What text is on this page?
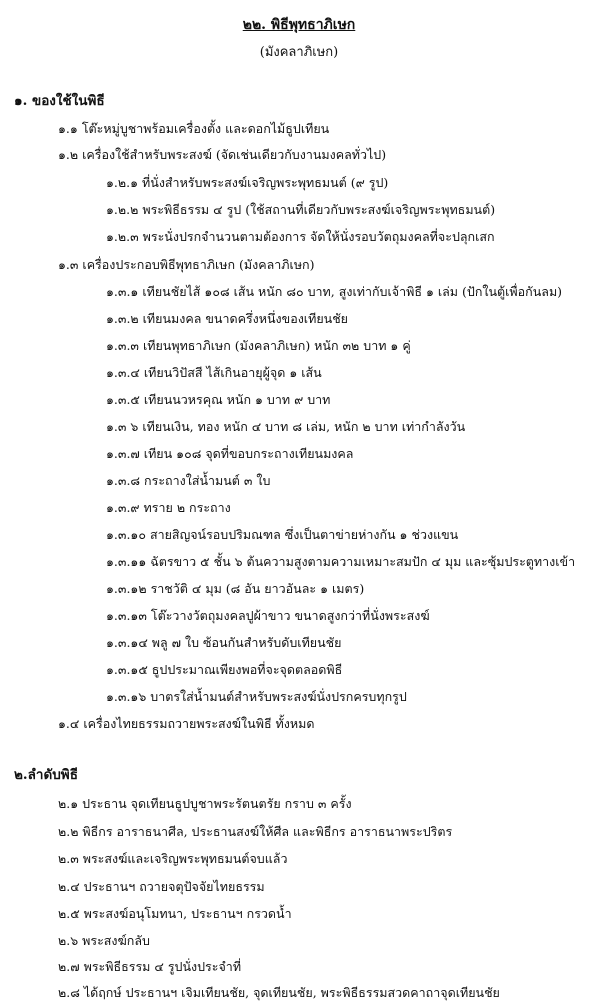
๒๒. พิธีพุทธาภิเษก
(มังคลาภิเษก)
๑. ของใช้ในพิธี
๑.๑ โต๊ะหมู่บูชาพร้อมเครื่องตั้ง และดอกไม้ธูปเทียน
๑.๒ เครื่องใช้สำหรับพระสงฆ์ (จัดเช่นเดียวกับงานมงคลทั่วไป)
๑.๒.๑ ที่นั่งสำหรับพระสงฆ์เจริญพระพุทธมนต์ (๙ รูป)
๑.๒.๒ พระพิธีธรรม ๔ รูป (ใช้สถานที่เดียวกับพระสงฆ์เจริญพระพุทธมนต์)
๑.๒.๓ พระนั่งปรกจำนวนตามต้องการ จัดให้นั่งรอบวัตถุมงคลที่จะปลุกเสก
๑.๓ เครื่องประกอบพิธีพุทธาภิเษก (มังคลาภิเษก)
๑.๓.๑ เทียนชัยไส้ ๑๐๘ เส้น หนัก ๘๐ บาท, สูงเท่ากับเจ้าพิธี ๑ เล่ม (ปักในตู้เพื่อกันลม)
๑.๓.๒ เทียนมงคล ขนาดครึ่งหนึ่งของเทียนชัย
๑.๓.๓ เทียนพุทธาภิเษก (มังคลาภิเษก) หนัก ๓๒ บาท ๑ คู่
๑.๓.๔ เทียนวิปัสสี ไส้เกินอายุผู้จุด ๑ เส้น
๑.๓.๕ เทียนนวหรคุณ หนัก ๑ บาท ๙ บาท
๑.๓ ๖ เทียนเงิน, ทอง หนัก ๔ บาท ๘ เล่ม, หนัก ๒ บาท เท่ากำลังวัน
๑.๓.๗ เทียน ๑๐๘ จุดที่ขอบกระถางเทียนมงคล
๑.๓.๘ กระถางใส่น้ำมนต์ ๓ ใบ
๑.๓.๙ ทราย ๒ กระถาง
๑.๓.๑๐ สายสิญจน์รอบปริมณฑล ซึ่งเป็นตาข่ายห่างกัน ๑ ช่วงแขน
๑.๓.๑๑ ฉัตรขาว ๕ ชั้น ๖ ต้นความสูงตามความเหมาะสมปัก ๔ มุม และซุ้มประตูทางเข้า
๑.๓.๑๒ ราชวัติ ๔ มุม (๘ อัน ยาวอันละ ๑ เมตร)
๑.๓.๑๓ โต๊ะวางวัตถุมงคลปูผ้าขาว ขนาดสูงกว่าที่นั่งพระสงฆ์
๑.๓.๑๔ พลู ๗ ใบ ซ้อนกันสำหรับดับเทียนชัย
๑.๓.๑๕ ธูปประมาณเพียงพอที่จะจุดตลอดพิธี
๑.๓.๑๖ บาตรใส่น้ำมนต์สำหรับพระสงฆ์นั่งปรกครบทุกรูป
๑.๔ เครื่องไทยธรรมถวายพระสงฆ์ในพิธี ทั้งหมด
๒.ลำดับพิธี
๒.๑ ประธาน จุดเทียนธูปบูชาพระรัตนตรัย กราบ ๓ ครั้ง
๒.๒ พิธีกร อาราธนาศีล, ประธานสงฆ์ให้ศีล และพิธีกร อาราธนาพระปริตร
๒.๓ พระสงฆ์และเจริญพระพุทธมนต์จบแล้ว
๒.๔ ประธานฯ ถวายจตุปัจจัยไทยธรรม
๒.๕ พระสงฆ์อนุโมทนา, ประธานฯ กรวดน้ำ
๒.๖ พระสงฆ์กลับ
๒.๗ พระพิธีธรรม ๔ รูปนั่งประจำที่
๒.๘ ได้ฤกษ์ ประธานฯ เจิมเทียนชัย, จุดเทียนชัย, พระพิธีธรรมสวดคาถาจุดเทียนชัย
